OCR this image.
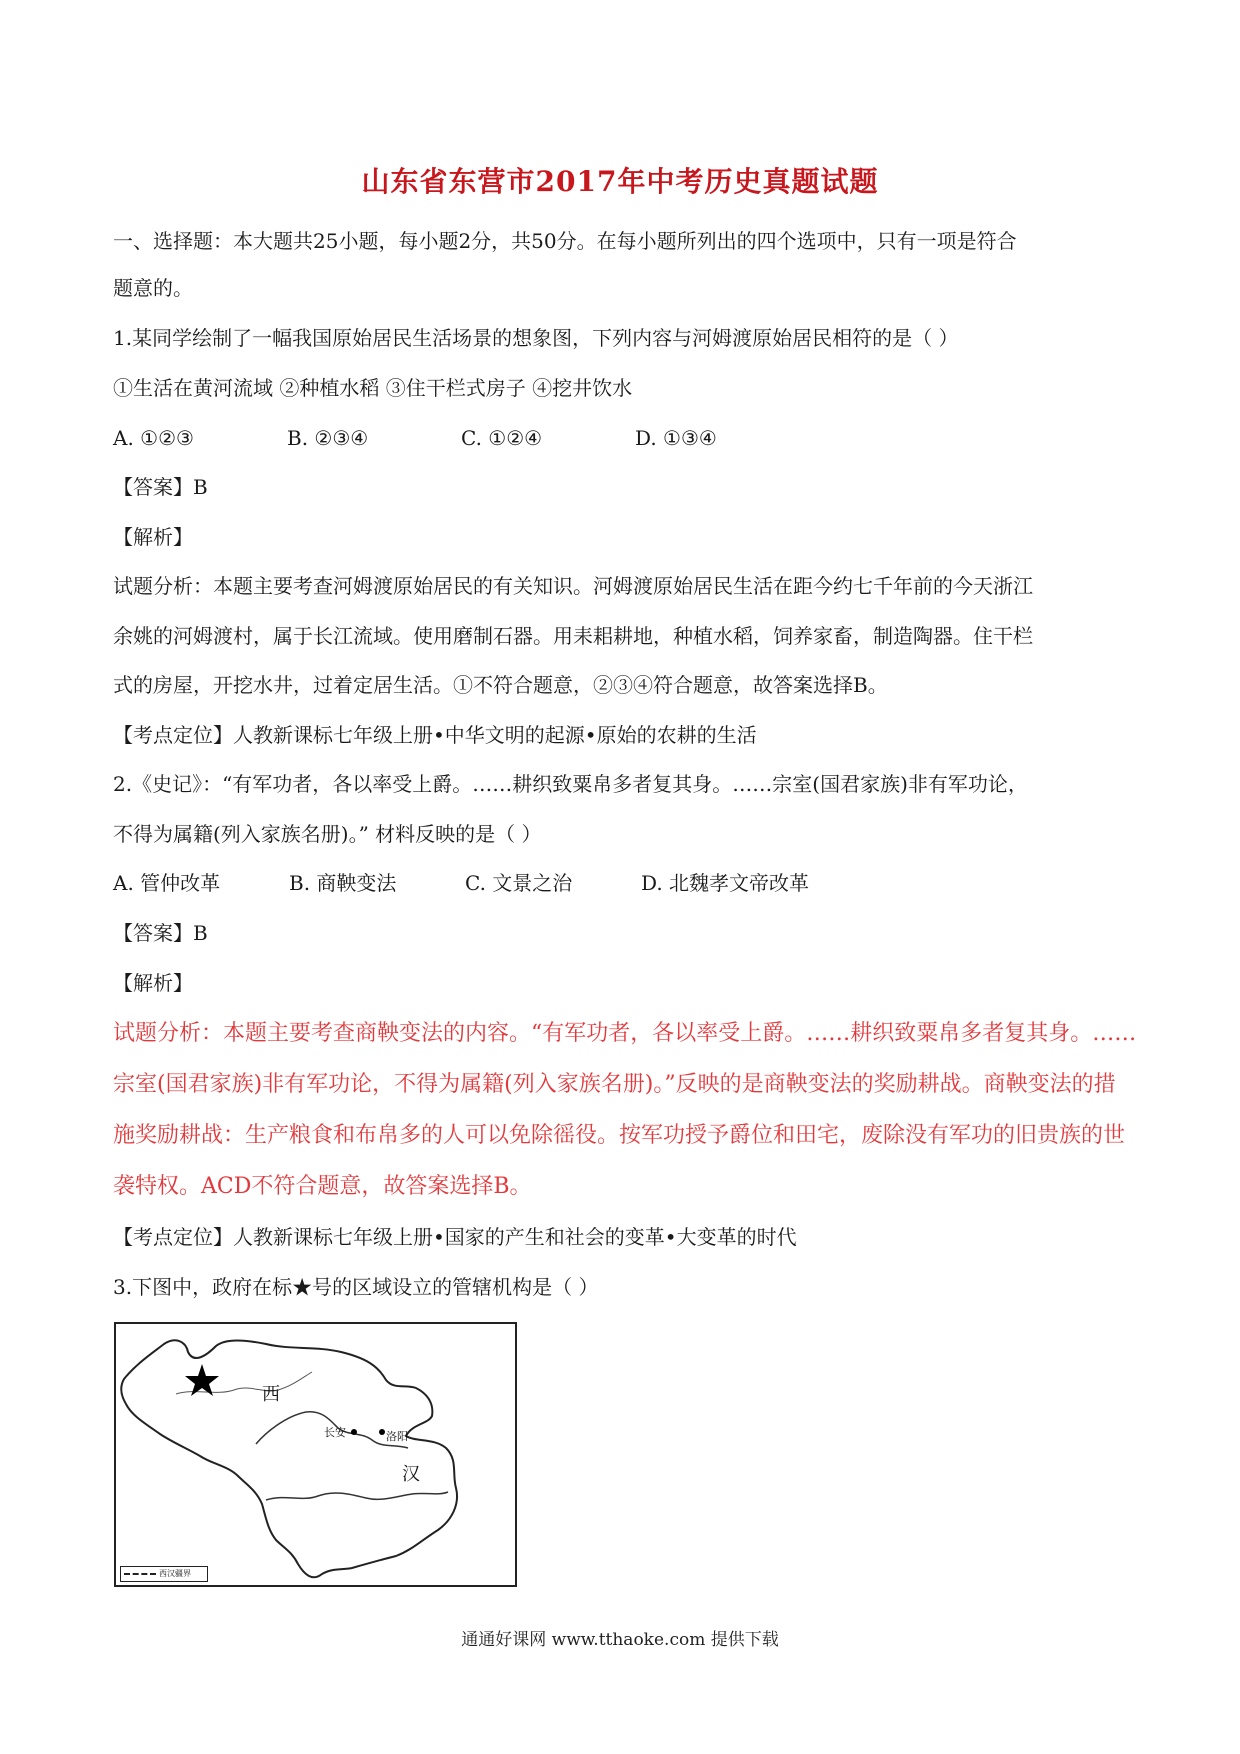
山东省东营市2017年中考历史真题试题
一、选择题：本大题共25小题，每小题2分，共50分。在每小题所列出的四个选项中，只有一项是符合
题意的。
1.某同学绘制了一幅我国原始居民生活场景的想象图，下列内容与河姆渡原始居民相符的是（ ）
①生活在黄河流域 ②种植水稻 ③住干栏式房子 ④挖井饮水
A. ①②③	B. ②③④	C. ①②④	D. ①③④
【答案】B
【解析】
试题分析：本题主要考查河姆渡原始居民的有关知识。河姆渡原始居民生活在距今约七千年前的今天浙江
余姚的河姆渡村，属于长江流域。使用磨制石器。用耒耜耕地，种植水稻，饲养家畜，制造陶器。住干栏
式的房屋，开挖水井，过着定居生活。①不符合题意，②③④符合题意，故答案选择B。
【考点定位】人教新课标七年级上册•中华文明的起源•原始的农耕的生活
2.《史记》：“有军功者，各以率受上爵。……耕织致粟帛多者复其身。……宗室(国君家族)非有军功论，
不得为属籍(列入家族名册)。” 材料反映的是（ ）
A. 管仲改革	B. 商鞅变法	C. 文景之治	D. 北魏孝文帝改革
【答案】B
【解析】
试题分析：本题主要考查商鞅变法的内容。“有军功者，各以率受上爵。……耕织致粟帛多者复其身。……
宗室(国君家族)非有军功论，不得为属籍(列入家族名册)。”反映的是商鞅变法的奖励耕战。商鞅变法的措
施奖励耕战：生产粮食和布帛多的人可以免除徭役。按军功授予爵位和田宅，废除没有军功的旧贵族的世
袭特权。ACD不符合题意，故答案选择B。
【考点定位】人教新课标七年级上册•国家的产生和社会的变革•大变革的时代
3.下图中，政府在标★号的区域设立的管辖机构是（ ）
西
汉
长安	洛阳
西汉疆界
通通好课网 www.tthaoke.com 提供下载
